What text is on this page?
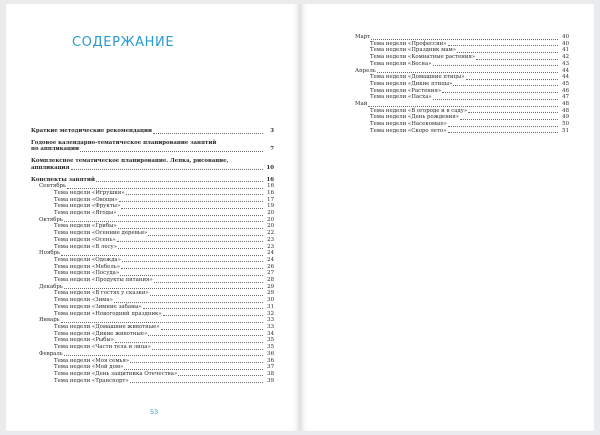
СОДЕРЖАНИЕ
Краткие методические рекомендации	3
Годовое календарно-тематическое планирование занятий
по аппликации	7
Комплексное тематическое планирование. Лепка, рисование,
аппликация	10
Конспекты занятий	16
Сентябрь	16
Тема недели «Игрушки»	16
Тема недели «Овощи»	17
Тема недели «Фрукты»	19
Тема недели «Ягоды»	20
Октябрь	20
Тема недели «Грибы»	20
Тема недели «Осенние деревья»	22
Тема недели «Осень»	23
Тема недели «В лесу»	23
Ноябрь	24
Тема недели «Одежда»	24
Тема недели «Мебель»	26
Тема недели «Посуда»	27
Тема недели «Продукты питания»	28
Декабрь	29
Тема недели «В гостях у сказки»	29
Тема недели «Зима»	30
Тема недели «Зимние забавы»	31
Тема недели «Новогодний праздник»	32
Январь	33
Тема недели «Домашние животные»	33
Тема недели «Дикие животные»	34
Тема недели «Рыбы»	35
Тема недели «Части тела и лица»	35
Февраль	36
Тема недели «Моя семья»	36
Тема недели «Мой дом»	37
Тема недели «День защитника Отечества»	38
Тема недели «Транспорт»	39
53
Март	40
Тема недели «Профессии»	40
Тема недели «Праздник мам»	41
Тема недели «Комнатные растения»	42
Тема недели «Весна»	43
Апрель	44
Тема недели «Домашние птицы»	44
Тема недели «Дикие птицы»	45
Тема недели «Растения»	46
Тема недели «Пасха»	47
Май	48
Тема недели «В огороде и в саду»	48
Тема недели «День рождения»	49
Тема недели «Насекомые»	50
Тема недели «Скоро лето»	51
